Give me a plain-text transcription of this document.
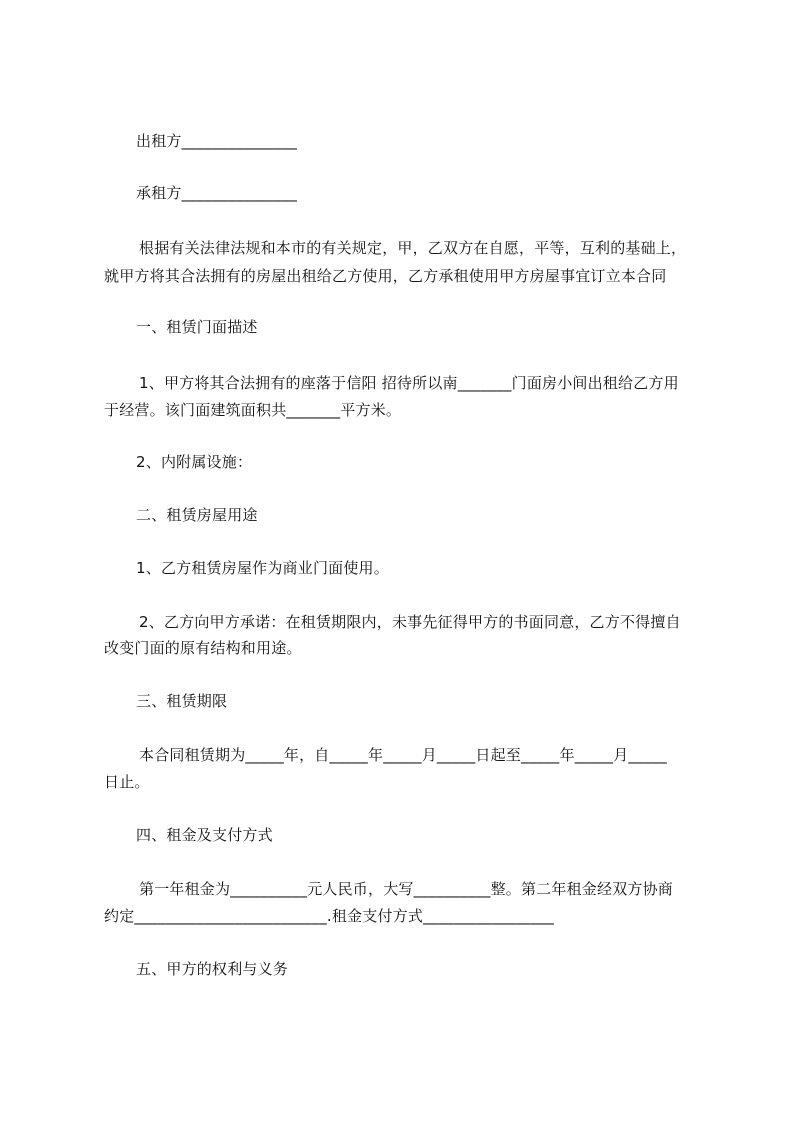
出租方_______________
承租方_______________
根据有关法律法规和本市的有关规定，甲，乙双方在自愿，平等，互利的基础上，
就甲方将其合法拥有的房屋出租给乙方使用，乙方承租使用甲方房屋事宜订立本合同
一、租赁门面描述
1、甲方将其合法拥有的座落于信阳 招待所以南_______门面房小间出租给乙方用
于经营。该门面建筑面积共_______平方米。
2、内附属设施：
二、租赁房屋用途
1、乙方租赁房屋作为商业门面使用。
2、乙方向甲方承诺：在租赁期限内，未事先征得甲方的书面同意，乙方不得擅自
改变门面的原有结构和用途。
三、租赁期限
本合同租赁期为_____年，自_____年_____月_____日起至_____年_____月_____
日止。
四、租金及支付方式
第一年租金为__________元人民币，大写__________整。第二年租金经双方协商
约定_________________________.租金支付方式_________________
五、甲方的权利与义务
